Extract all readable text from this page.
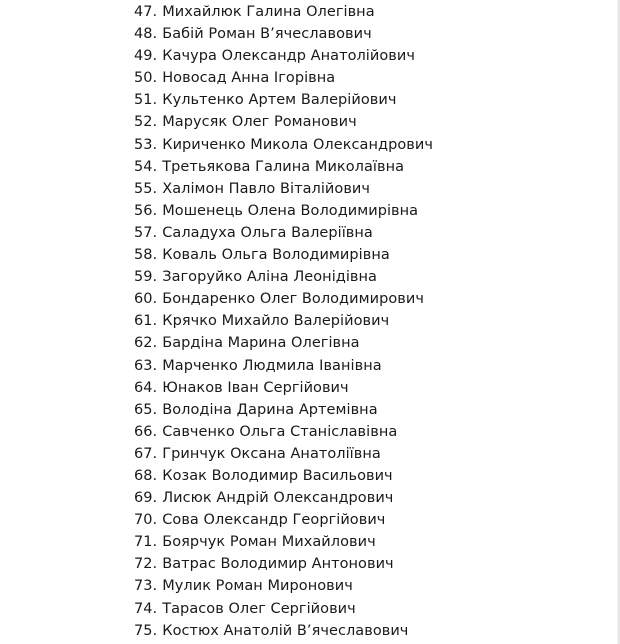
47. Михайлюк Галина Олегівна
48. Бабій Роман В’ячеславович
49. Качура Олександр Анатолійович
50. Новосад Анна Ігорівна
51. Культенко Артем Валерійович
52. Марусяк Олег Романович
53. Кириченко Микола Олександрович
54. Третьякова Галина Миколаївна
55. Халімон Павло Віталійович
56. Мошенець Олена Володимирівна
57. Саладуха Ольга Валеріївна
58. Коваль Ольга Володимирівна
59. Загоруйко Аліна Леонідівна
60. Бондаренко Олег Володимирович
61. Крячко Михайло Валерійович
62. Бардіна Марина Олегівна
63. Марченко Людмила Іванівна
64. Юнаков Іван Сергійович
65. Володіна Дарина Артемівна
66. Савченко Ольга Станіславівна
67. Гринчук Оксана Анатоліївна
68. Козак Володимир Васильович
69. Лисюк Андрій Олександрович
70. Сова Олександр Георгійович
71. Боярчук Роман Михайлович
72. Ватрас Володимир Антонович
73. Мулик Роман Миронович
74. Тарасов Олег Сергійович
75. Костюх Анатолій В’ячеславович
